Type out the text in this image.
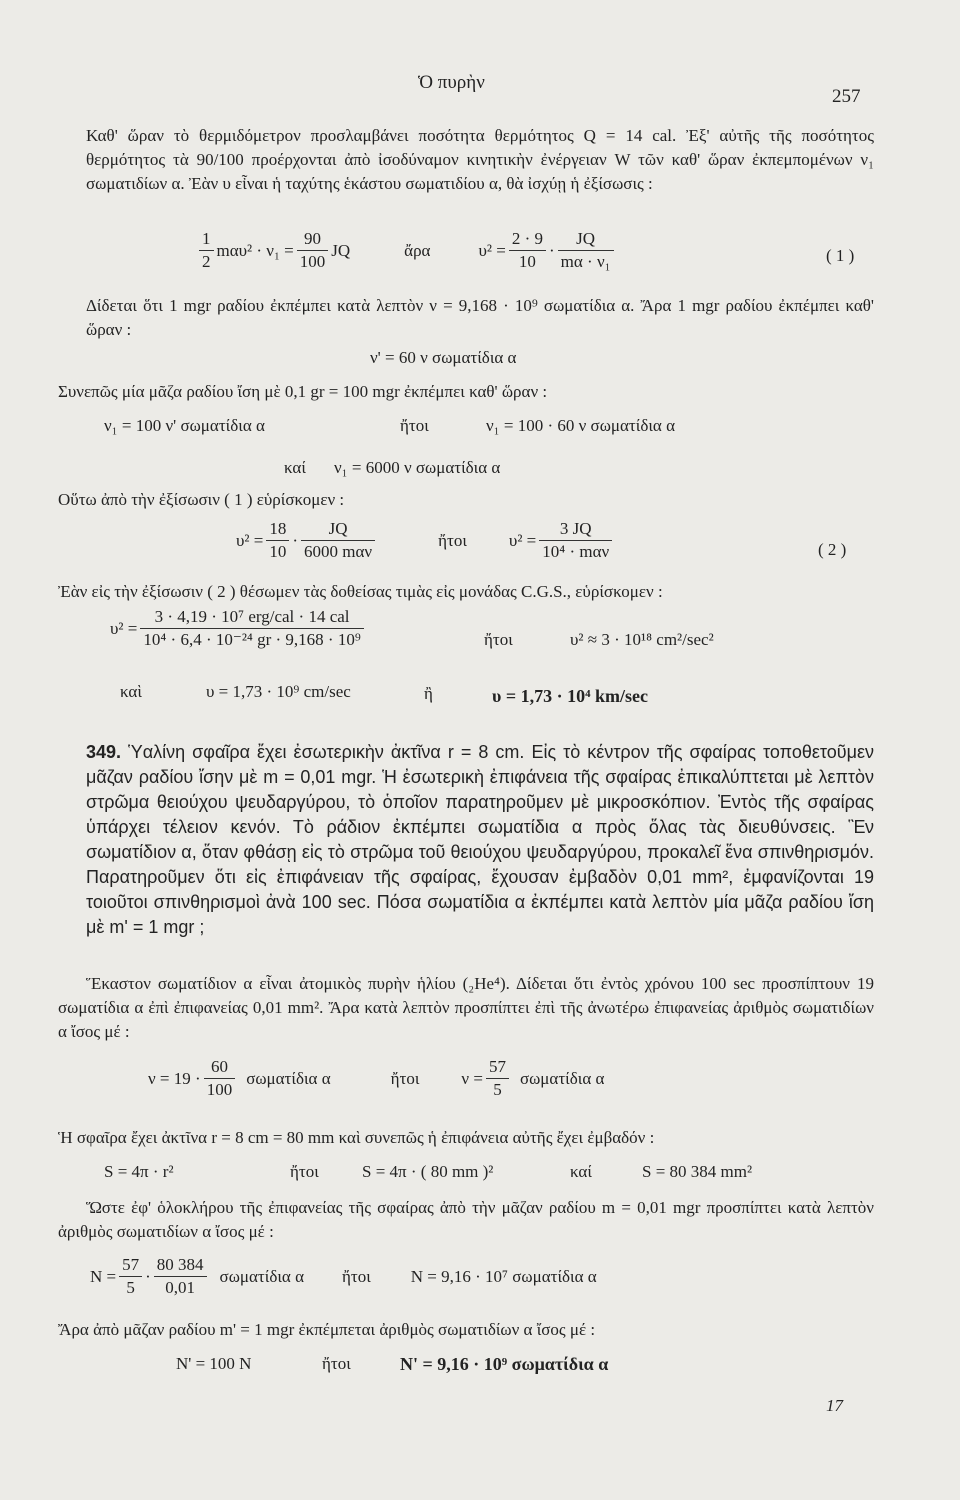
Ὁ πυρὴν
257
Καθ' ὥραν τὸ θερμιδόμετρον προσλαμβάνει ποσότητα θερμότητος Q = 14 cal. Ἐξ' αὐτῆς τῆς ποσότητος θερμότητος τὰ 90/100 προέρχονται ἀπὸ ἰσοδύναμον κινητικὴν ἐνέργειαν W τῶν καθ' ὥραν ἐκπεμπομένων ν₁ σωματιδίων α. Ἐὰν υ εἶναι ἡ ταχύτης ἑκάστου σωματιδίου α, θὰ ἰσχύῃ ἡ ἐξίσωσις :
$\frac{1}{2} m\alpha\upsilon^2 \cdot \nu_1 = \frac{90}{100}$ JQ	ἄρα	$\upsilon^2 = \frac{2 \cdot 9}{10} \cdot \frac{JQ}{\text{mα · ν₁}}$	( 1 )
Δίδεται ὅτι 1 mgr ραδίου ἐκπέμπει κατὰ λεπτὸν ν = 9,168 · 10⁹ σωματίδια α. Ἄρα 1 mgr ραδίου ἐκπέμπει καθ' ὥραν :
ν' = 60 ν σωματίδια α
Συνεπῶς μία μᾶζα ραδίου ἴση μὲ 0,1 gr = 100 mgr ἐκπέμπει καθ' ὥραν :
ν₁ = 100 ν' σωματίδια α	ἤτοι	ν₁ = 100 · 60 ν σωματίδια α
καί ν₁ = 6000 ν σωματίδια α
Οὕτω ἀπὸ τὴν ἐξίσωσιν ( 1 ) εὑρίσκομεν :
$\upsilon^2 = \frac{18}{10} \cdot \frac{JQ}{\text{6000 mαν}}$	ἤτοι $\upsilon^2 = \frac{3 JQ}{\text{10⁴ · mαν}}$	( 2 )
Ἐὰν εἰς τὴν ἐξίσωσιν ( 2 ) θέσωμεν τὰς δοθείσας τιμὰς εἰς μονάδας C.G.S., εὑρίσκομεν :
$\upsilon^2 = \frac{\text{3 · 4,19 · 10⁷ erg/cal · 14 cal}}{\text{10⁴ · 6,4 · 10⁻²⁴ gr · 9,168 · 10⁹}}$	ἤτοι	υ² ≈ 3 · 10¹⁸ cm²/sec²
καὶ	υ = 1,73 · 10⁹ cm/sec	ἢ	υ = 1,73 · 10⁴ km/sec
349. Ὑαλίνη σφαῖρα ἔχει ἐσωτερικὴν ἀκτῖνα r = 8 cm. Εἰς τὸ κέντρον τῆς σφαίρας τοποθετοῦμεν μᾶζαν ραδίου ἴσην μὲ m = 0,01 mgr. Ἡ ἐσωτερικὴ ἐπιφάνεια τῆς σφαίρας ἐπικαλύπτεται μὲ λεπτὸν στρῶμα θειούχου ψευδαργύρου, τὸ ὁποῖον παρατηροῦμεν μὲ μικροσκόπιον. Ἐντὸς τῆς σφαίρας ὑπάρχει τέλειον κενόν. Τὸ ράδιον ἐκπέμπει σωματίδια α πρὸς ὅλας τὰς διευθύνσεις. Ἓν σωματίδιον α, ὅταν φθάσῃ εἰς τὸ στρῶμα τοῦ θειούχου ψευδαργύρου, προκαλεῖ ἕνα σπινθηρισμόν. Παρατηροῦμεν ὅτι εἰς ἐπιφάνειαν τῆς σφαίρας, ἔχουσαν ἐμβαδὸν 0,01 mm², ἐμφανίζονται 19 τοιοῦτοι σπινθηρισμοὶ ἀνὰ 100 sec. Πόσα σωματίδια α ἐκπέμπει κατὰ λεπτὸν μία μᾶζα ραδίου ἴση μὲ m' = 1 mgr ;
Ἕκαστον σωματίδιον α εἶναι ἀτομικὸς πυρὴν ἡλίου (₂He⁴). Δίδεται ὅτι ἐντὸς χρόνου 100 sec προσπίπτουν 19 σωματίδια α ἐπὶ ἐπιφανείας 0,01 mm². Ἄρα κατὰ λεπτὸν προσπίπτει ἐπὶ τῆς ἀνωτέρω ἐπιφανείας ἀριθμὸς σωματιδίων α ἴσος μέ :
$\nu = 19 \cdot \frac{60}{100}$ σωματίδια α	ἤτοι $\nu = \frac{57}{5}$ σωματίδια α
Ἡ σφαῖρα ἔχει ἀκτῖνα r = 8 cm = 80 mm καὶ συνεπῶς ἡ ἐπιφάνεια αὐτῆς ἔχει ἐμβαδόν :
S = 4π · r²	ἤτοι	S = 4π · ( 80 mm )²	καί	S = 80 384 mm²
Ὥστε ἐφ' ὁλοκλήρου τῆς ἐπιφανείας τῆς σφαίρας ἀπὸ τὴν μᾶζαν ραδίου m = 0,01 mgr προσπίπτει κατὰ λεπτὸν ἀριθμὸς σωματιδίων α ἴσος μέ :
$N = \frac{57}{5} \cdot \frac{80 384}{0,01}$ σωματίδια α ἤτοι N = 9,16 · 10⁷ σωματίδια α
Ἄρα ἀπὸ μᾶζαν ραδίου m' = 1 mgr ἐκπέμπεται ἀριθμὸς σωματιδίων α ἴσος μέ :
N' = 100 N	ἤτοι	N' = 9,16 · 10⁹ σωματίδια α
17
